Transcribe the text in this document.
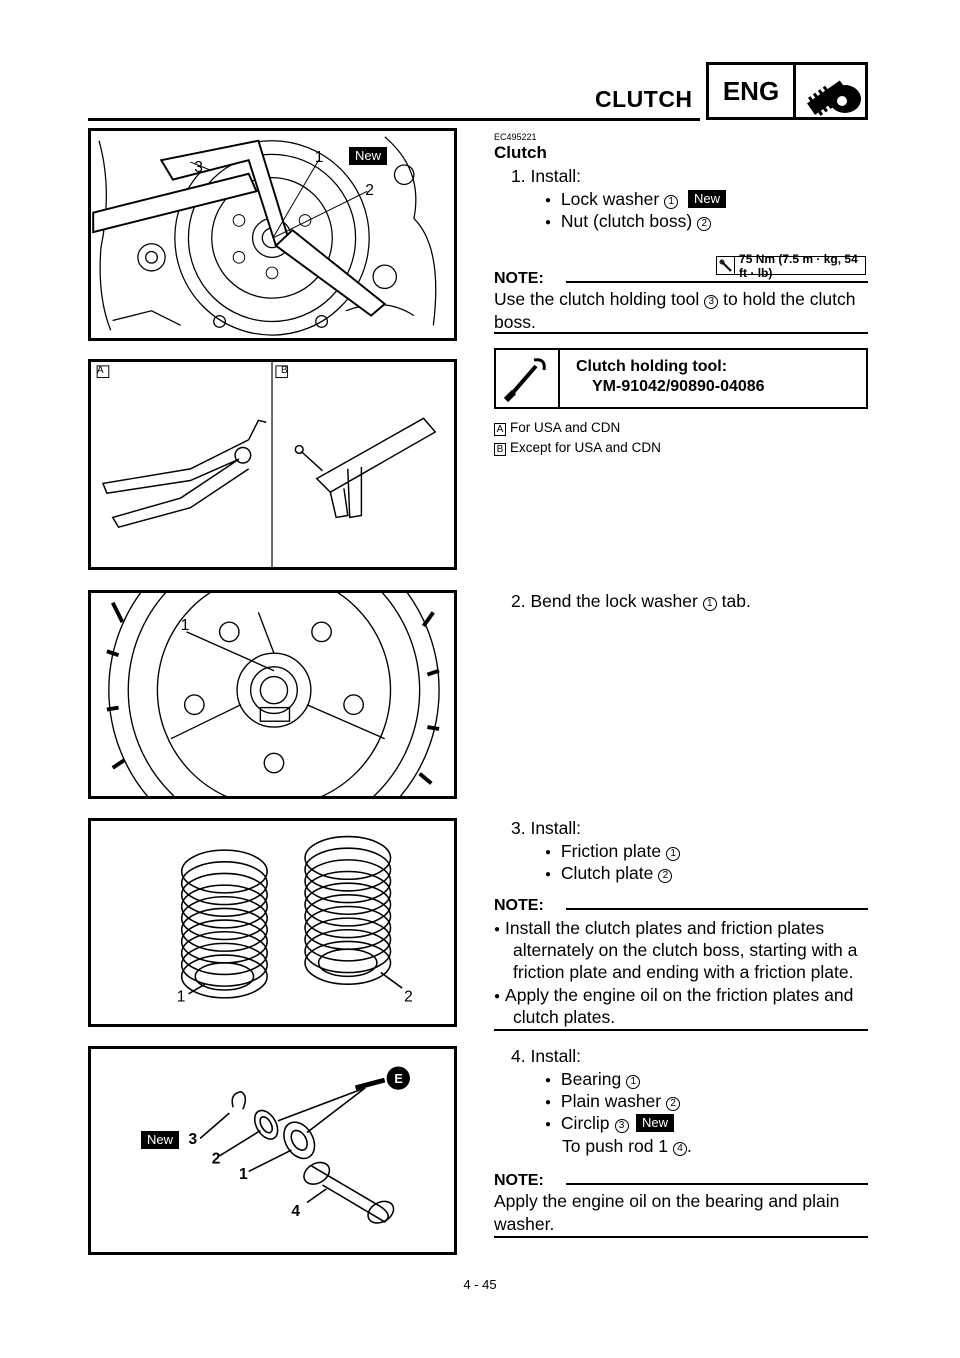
CLUTCH	ENG
3
1
2
New
A	B
1
1	2
E
3
2
1
4
New
EC495221
Clutch
1. Install:
● Lock washer 1	New
● Nut (clutch boss) 2
75 Nm (7.5 m · kg, 54 ft · lb)
NOTE:
Use the clutch holding tool 3 to hold the clutch
boss.
Clutch holding tool:
YM-91042/90890-04086
A For USA and CDN
B Except for USA and CDN
2. Bend the lock washer 1 tab.
3. Install:
● Friction plate 1
● Clutch plate 2
NOTE:
● Install the clutch plates and friction plates
alternately on the clutch boss, starting with a
friction plate and ending with a friction plate.
● Apply the engine oil on the friction plates and
clutch plates.
4. Install:
● Bearing 1
● Plain washer 2
● Circlip 3	New
To push rod 1 4 .
NOTE:
Apply the engine oil on the bearing and plain
washer.
4 - 45
